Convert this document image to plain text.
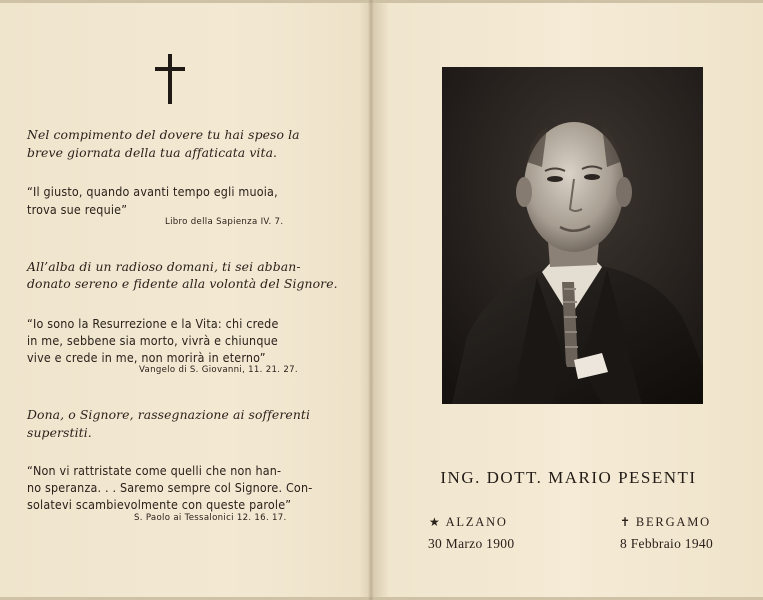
Nel compimento del dovere tu hai speso la

breve giornata della tua affaticata vita.

“Il giusto, quando avanti tempo egli muoia,

trova sue requie”

Libro della Sapienza IV. 7.

All’alba di un radioso domani, ti sei abban-

donato sereno e fidente alla volontà del Signore.

“Io sono la Resurrezione e la Vita: chi crede

in me, sebbene sia morto, vivrà e chiunque

vive e crede in me, non morirà in eterno”

Vangelo di S. Giovanni, 11. 21. 27.

Dona, o Signore, rassegnazione ai sofferenti

superstiti.

“Non vi rattristate come quelli che non han-

no speranza. . . Saremo sempre col Signore. Con-

solatevi scambievolmente con queste parole”

S. Paolo ai Tessalonici 12. 16. 17.

ING. DOTT. MARIO PESENTI
★ ALZANO
30 Marzo 1900
✝ BERGAMO
8 Febbraio 1940
